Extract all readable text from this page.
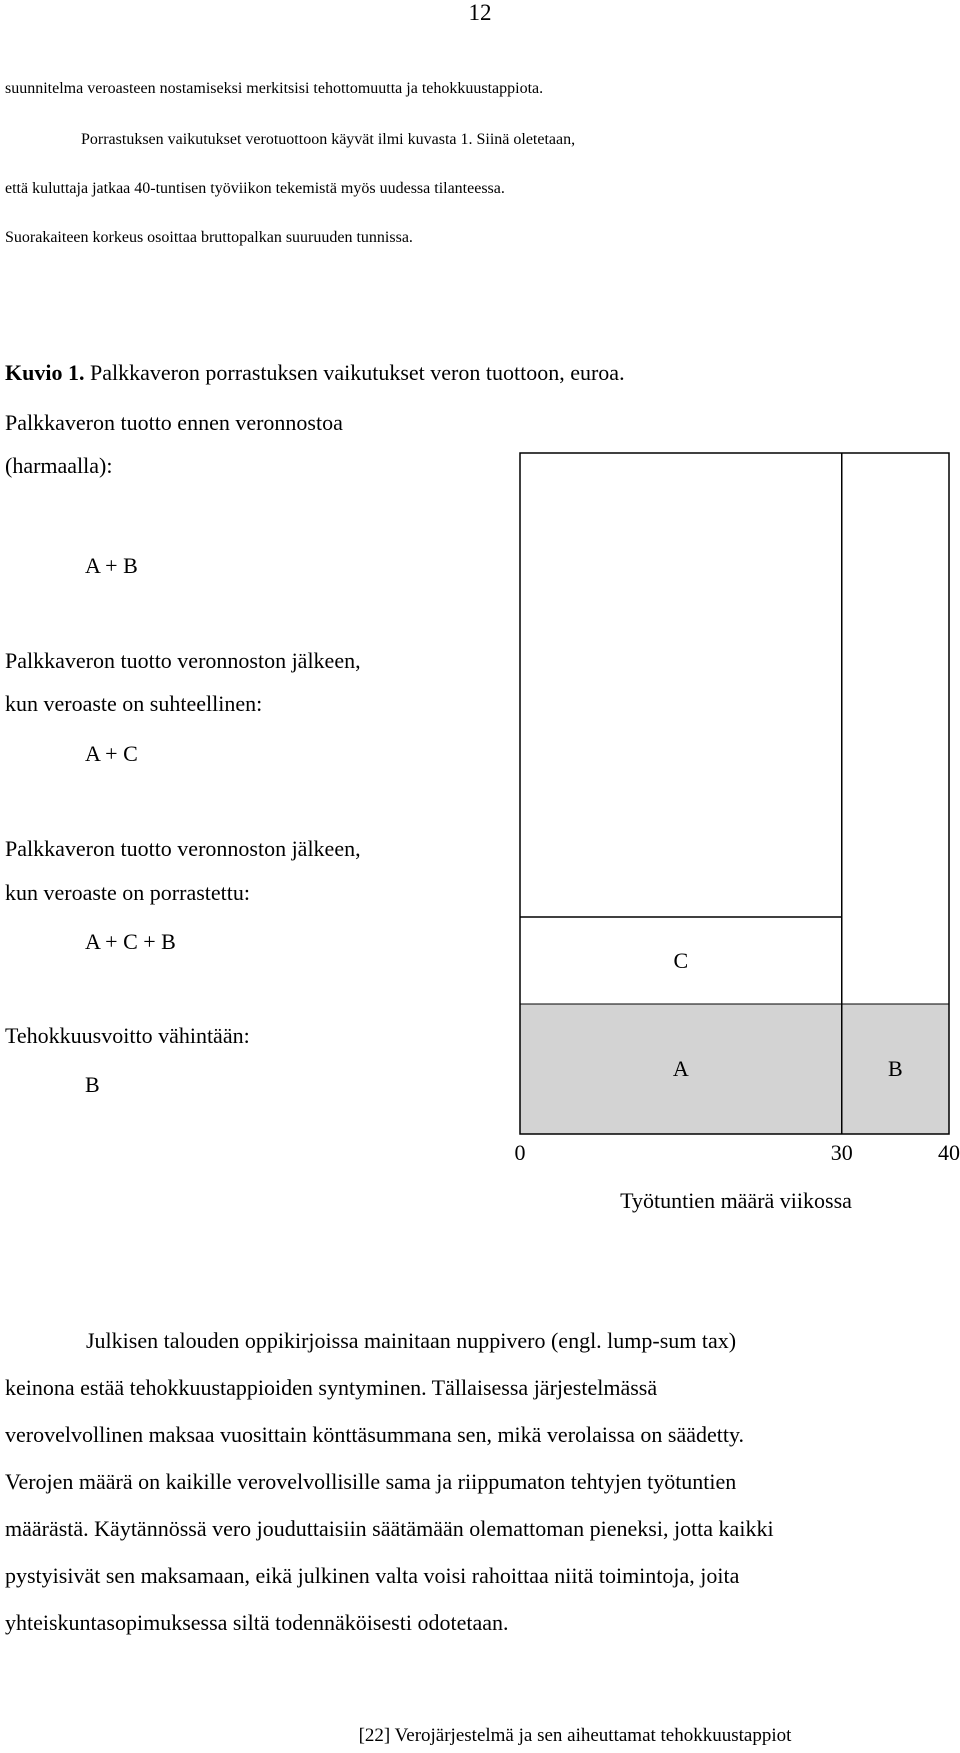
12
suunnitelma veroasteen nostamiseksi merkitsisi tehottomuutta ja tehokkuustappiota.
Porrastuksen vaikutukset verotuottoon käyvät ilmi kuvasta 1. Siinä oletetaan,
että kuluttaja jatkaa 40-tuntisen työviikon tekemistä myös uudessa tilanteessa.
Suorakaiteen korkeus osoittaa bruttopalkan suuruuden tunnissa.
Kuvio 1. Palkkaveron porrastuksen vaikutukset veron tuottoon, euroa.
Palkkaveron tuotto ennen veronnostoa
(harmaalla):
A + B
Palkkaveron tuotto veronnoston jälkeen,
kun veroaste on suhteellinen:
A + C
Palkkaveron tuotto veronnoston jälkeen,
kun veroaste on porrastettu:
A + C + B
Tehokkuusvoitto vähintään:
B
C
A	B
0	30	40
Työtuntien määrä viikossa
Julkisen talouden oppikirjoissa mainitaan nuppivero (engl. lump-sum tax)
keinona estää tehokkuustappioiden syntyminen. Tällaisessa järjestelmässä
verovelvollinen maksaa vuosittain könttäsummana sen, mikä verolaissa on säädetty.
Verojen määrä on kaikille verovelvollisille sama ja riippumaton tehtyjen työtuntien
määrästä. Käytännössä vero jouduttaisiin säätämään olemattoman pieneksi, jotta kaikki
pystyisivät sen maksamaan, eikä julkinen valta voisi rahoittaa niitä toimintoja, joita
yhteiskuntasopimuksessa siltä todennäköisesti odotetaan.
[22] Verojärjestelmä ja sen aiheuttamat tehokkuustappiot
